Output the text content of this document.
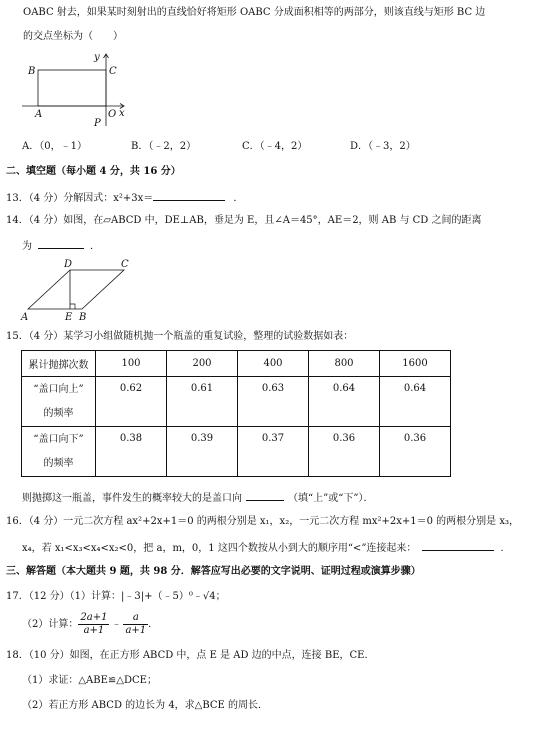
OABC 射去，如果某时刻射出的直线恰好将矩形 OABC 分成面积相等的两部分，则该直线与矩形 BC 边
的交点坐标为（　　）
B	C
y
A	O x
P
A．（0，﹣1）	B．（﹣2，2）	C．（﹣4，2）	D．（﹣3，2）
二、填空题（每小题 4 分，共 16 分）
13．（4 分）分解因式：x²+3x＝	．
14．（4 分）如图，在▱ABCD 中，DE⊥AB，垂足为 E，且∠A＝45°，AE＝2，则 AB 与 CD 之间的距离
为	．
D	C
A	E B
15．（4 分）某学习小组做随机抛一个瓶盖的重复试验，整理的试验数据如表：
累计抛掷次数	100	200	400	800	1600

“盖口向上”
的频率	0.62	0.61	0.63	0.64	0.64

“盖口向下”
的频率	0.38	0.39	0.37	0.36	0.36
则抛掷这一瓶盖，事件发生的概率较大的是盖口向	（填“上”或“下”）．
16．（4 分）一元二次方程 ax²+2x+1＝0 的两根分别是 x₁，x₂，一元二次方程 mx²+2x+1＝0 的两根分别是 x₃，
x₄，若 x₁<x₃<x₄<x₂<0，把 a，m，0，1 这四个数按从小到大的顺序用“<”连接起来：	．
三、解答题（本大题共 9 题，共 98 分．解答应写出必要的文字说明、证明过程或演算步骤）
17．（12 分）（1）计算：|﹣3|+（﹣5）⁰﹣√4；
（2）计算： $\frac{2a+1}{a+1}$ ﹣ $\frac{a}{a+1}$ ．
18．（10 分）如图，在正方形 ABCD 中，点 E 是 AD 边的中点，连接 BE，CE．
（1）求证：△ABE≌△DCE；
（2）若正方形 ABCD 的边长为 4，求△BCE 的周长．
